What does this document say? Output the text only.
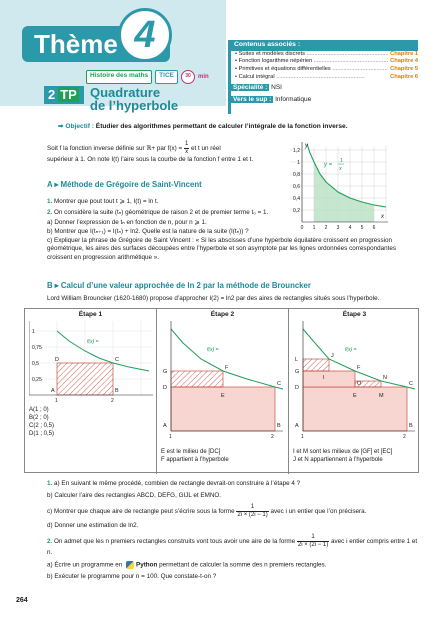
Thème 4
Histoire des maths	TICE	30	min
2 TP	Quadrature
de l’hyperbole
Contenus associés :
• Suites et modèles discrets .....	Chapitre 1
• Fonction logarithme népérien .....	Chapitre 4
• Primitives et équations différentielles .....	Chapitre 5
• Calcul intégral .....	Chapitre 6
Spécialité : NSI
Vers le sup : Informatique
➡ Objectif : Étudier des algorithmes permettant de calculer l’intégrale de la fonction inverse.
Soit f la fonction inverse définie sur ℝ+ par $f(x) = \frac{1}{x}$ et t un réel
supérieur à 1. On note I(t) l’aire sous la courbe de la fonction f entre 1 et t.
y
x
1,2
1
0,8
0,6
0,4
0,2
0 1 2 3 4 5 6
y =
1
x
A ▸ Méthode de Grégoire de Saint-Vincent

1. Montrer que pout tout t ⩾ 1, I(t) = ln t.

2. On considère la suite (tₙ) géométrique de raison 2 et de premier terme t₀ = 1.

a) Donner l’expression de tₙ en fonction de n, pour n ⩾ 1.

b) Montrer que I(tₙ₊₁) = I(tₙ) + ln2. Quelle est la nature de la suite (I(tₙ)) ?

c) Expliquer la phrase de Grégoire de Saint Vincent : « Si les abscisses d’une hyperbole équilatère croissent en progression géométrique, les aires des surfaces découpées entre l’hyperbole et son asymptote par les lignes ordonnées correspondantes croissent en progression arithmétique ».

B ▸ Calcul d’une valeur approchée de ln 2 par la méthode de Brouncker
Lord William Brouncker (1620-1680) propose d’approcher I(2) = ln2 par des aires de rectangles situés sous l’hyperbole.
Étape 1
1
0,75
0,5
0,25
f(x) =
D	C
A	B
1	2
A(1 ; 0)
B(2 ; 0)
C(2 ; 0,5)
D(1 ; 0,5)
Étape 2
f(x) =
G
F
D
E
C
A	B
1	2
E est le milieu de [DC]
F appartient à l’hyperbole
Étape 3
f(x) =
L
J
G
I
F
O
N
D
E	M
C
A	B
1	2
I et M sont les milieux de [GF] et [EC]
J et N appartiennent à l’hyperbole

1. a) En suivant le même procédé, combien de rectangle devrait-on construire à l’étape 4 ?

b) Calculer l’aire des rectangles ABCD, DEFG, GIJL et EMNO.

c) Montrer que chaque aire de rectangle peut s’écrire sous la forme $\frac{1}{2i \times (2i - 1)}$ avec i un entier que l’on précisera.

d) Donner une estimation de ln2.

2. On admet que les n premiers rectangles construits vont tous avoir une aire de la forme $\frac{1}{2i \times (2i - 1)}$ avec i entier compris entre 1 et n.

a) Écrire un programme en Python permettant de calculer la somme des n premiers rectangles.

b) Exécuter le programme pour n = 100. Que constate-t-on ?

264
